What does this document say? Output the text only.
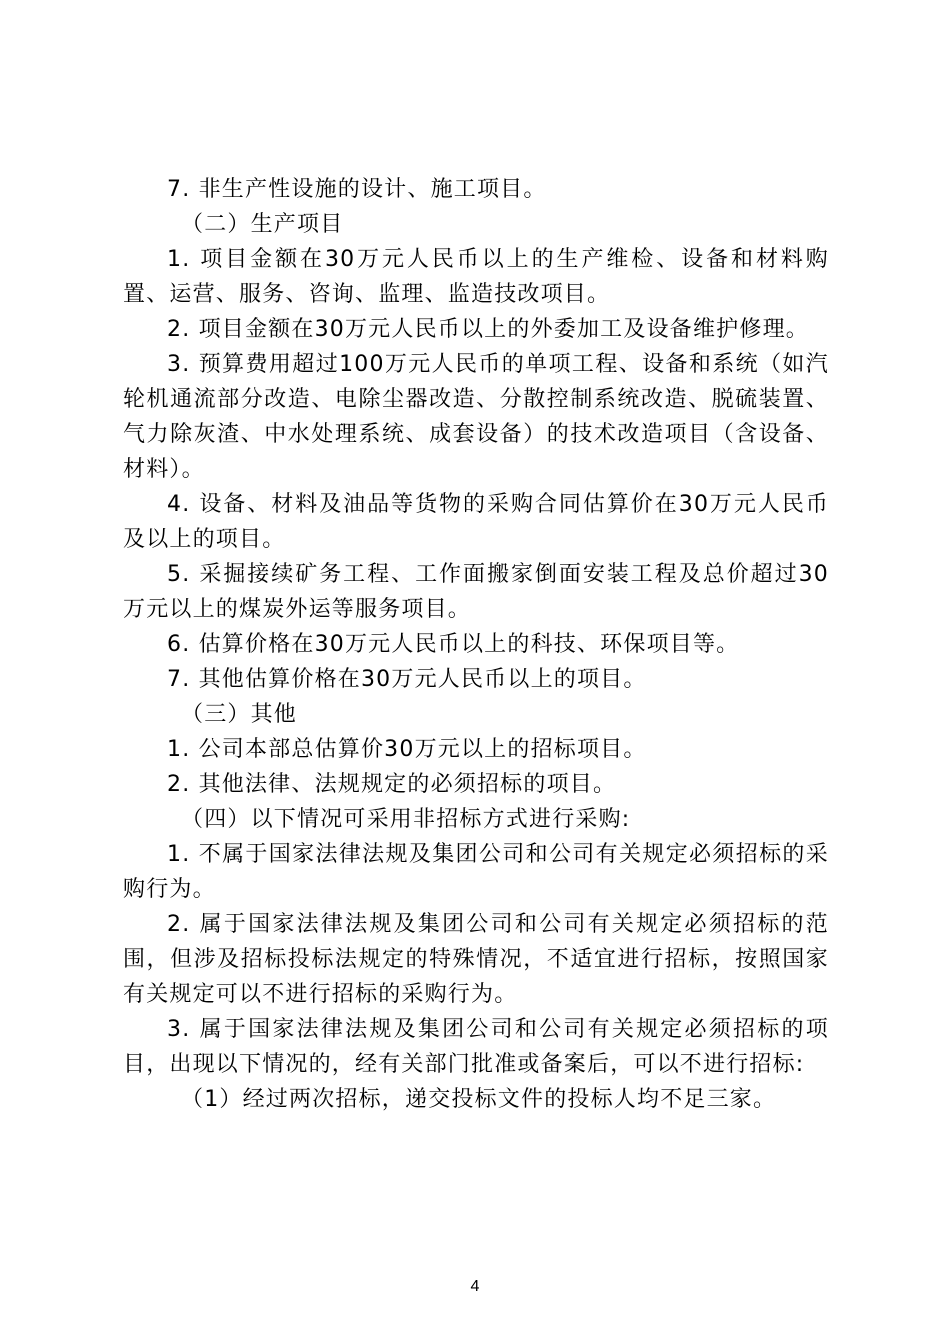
7. 非生产性设施的设计、施工项目。

（二）生产项目

1. 项目金额在30万元人民币以上的生产维检、设备和材料购置、运营、服务、咨询、监理、监造技改项目。

2. 项目金额在30万元人民币以上的外委加工及设备维护修理。

3. 预算费用超过100万元人民币的单项工程、设备和系统（如汽轮机通流部分改造、电除尘器改造、分散控制系统改造、脱硫装置、气力除灰渣、中水处理系统、成套设备）的技术改造项目（含设备、材料）。

4. 设备、材料及油品等货物的采购合同估算价在30万元人民币及以上的项目。

5. 采掘接续矿务工程、工作面搬家倒面安装工程及总价超过30万元以上的煤炭外运等服务项目。

6. 估算价格在30万元人民币以上的科技、环保项目等。

7. 其他估算价格在30万元人民币以上的项目。

（三）其他

1. 公司本部总估算价30万元以上的招标项目。

2. 其他法律、法规规定的必须招标的项目。

（四）以下情况可采用非招标方式进行采购:

1. 不属于国家法律法规及集团公司和公司有关规定必须招标的采购行为。

2. 属于国家法律法规及集团公司和公司有关规定必须招标的范围，但涉及招标投标法规定的特殊情况，不适宜进行招标，按照国家有关规定可以不进行招标的采购行为。

3. 属于国家法律法规及集团公司和公司有关规定必须招标的项目，出现以下情况的，经有关部门批准或备案后，可以不进行招标:

（1）经过两次招标，递交投标文件的投标人均不足三家。

4
